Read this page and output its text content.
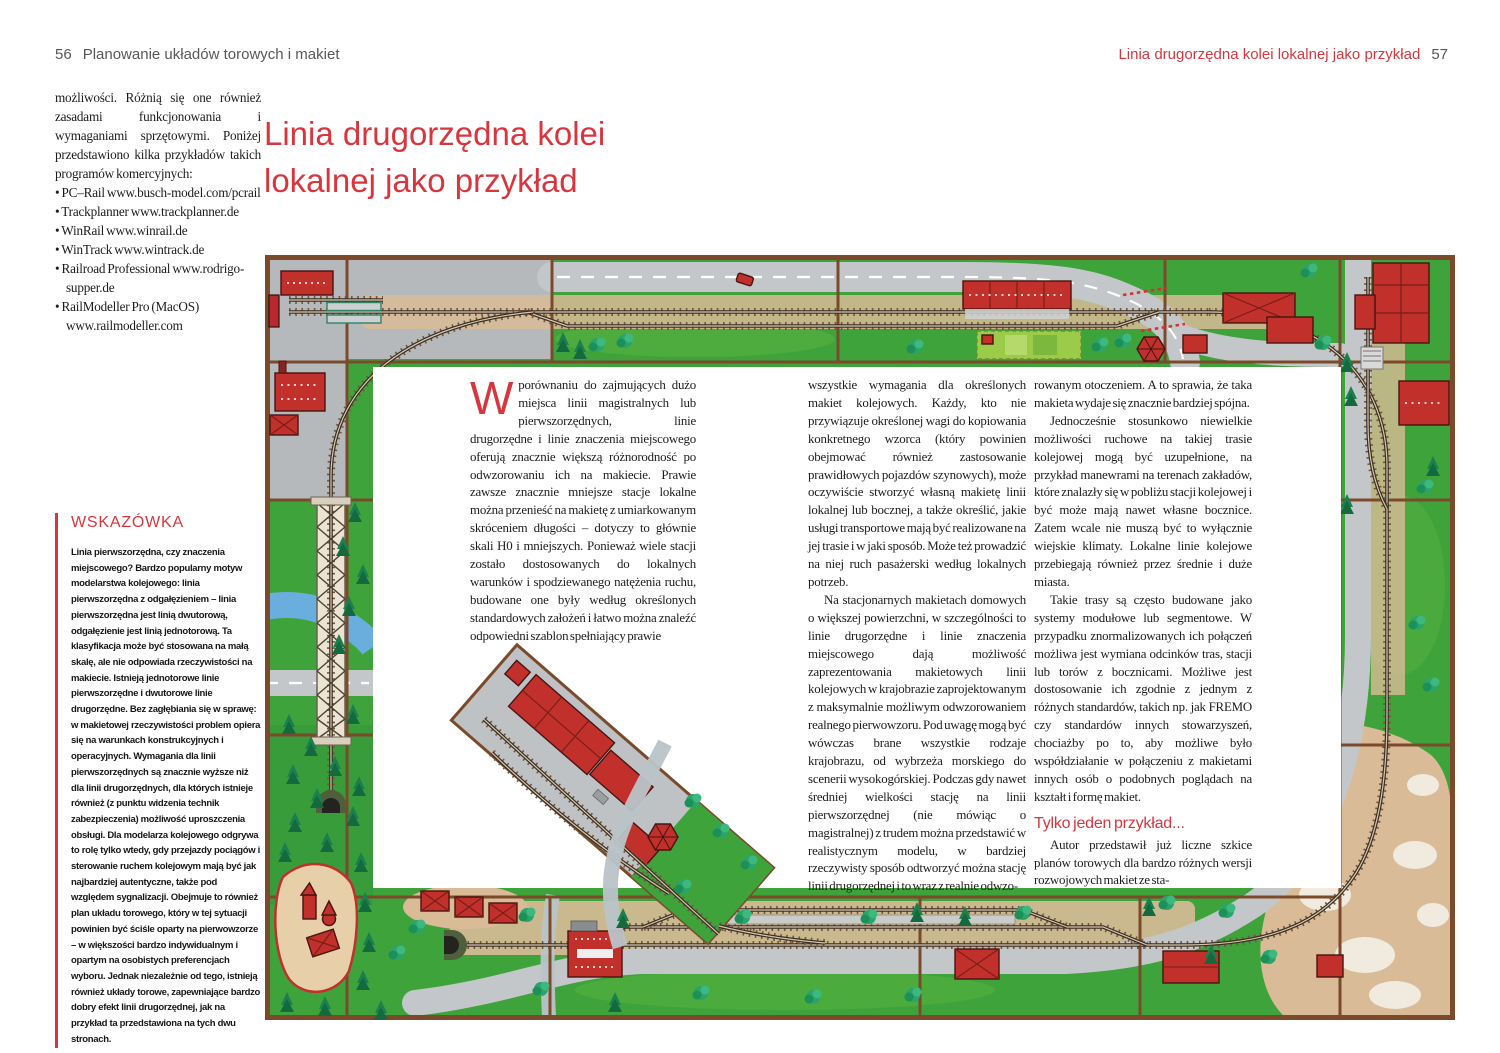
56 Planowanie układów torowych i makiet	Linia drugorzędna kolei lokalnej jako przykład 57

możliwości. Różnią się one również zasadami funkcjonowania i wymaganiami sprzętowymi. Poniżej przedstawiono kilka przykładów takich programów komercyjnych:

• PC–Rail www.busch-model.com/pcrail
• Trackplanner www.trackplanner.de
• WinRail www.winrail.de
• WinTrack www.wintrack.de
• Railroad Professional www.rodrigo-supper.de
• RailModeller Pro (MacOS) www.railmodeller.com
Linia drugorzędna kolei lokalnej jako przykład

Wporównaniu do zajmujących dużo miejsca linii magistralnych lub pierwszorzędnych, linie drugorzędne i linie znaczenia miejscowego oferują znacznie większą różnorodność po odwzorowaniu ich na makiecie. Prawie zawsze znacznie mniejsze stacje lokalne można przenieść na makietę z umiarkowanym skróceniem długości – dotyczy to głównie skali H0 i mniejszych. Ponieważ wiele stacji zostało dostosowanych do lokalnych warunków i spodziewanego natężenia ruchu, budowane one były według określonych standardowych założeń i łatwo można znaleźć odpowiedni szablon spełniający prawie

wszystkie wymagania dla określonych makiet kolejowych. Każdy, kto nie przywiązuje określonej wagi do kopiowania konkretnego wzorca (który powinien obejmować również zastosowanie prawidłowych pojazdów szynowych), może oczywiście stworzyć własną makietę linii lokalnej lub bocznej, a także określić, jakie usługi transportowe mają być realizowane na jej trasie i w jaki sposób. Może też prowadzić na niej ruch pasażerski według lokalnych potrzeb.

Na stacjonarnych makietach domowych o większej powierzchni, w szczególności to linie drugorzędne i linie znaczenia miejscowego dają możliwość zaprezentowania makietowych linii kolejowych w krajobrazie zaprojektowanym z maksymalnie możliwym odwzorowaniem realnego pierwowzoru. Pod uwagę mogą być wówczas brane wszystkie rodzaje krajobrazu, od wybrzeża morskiego do scenerii wysokogórskiej. Podczas gdy nawet średniej wielkości stację na linii pierwszorzędnej (nie mówiąc o magistralnej) z trudem można przedstawić w realistycznym modelu, w bardziej rzeczywisty sposób odtworzyć można stację linii drugorzędnej i to wraz z realnie odwzo-

rowanym otoczeniem. A to sprawia, że taka makieta wydaje się znacznie bardziej spójna.

Jednocześnie stosunkowo niewielkie możliwości ruchowe na takiej trasie kolejowej mogą być uzupełnione, na przykład manewrami na terenach zakładów, które znalazły się w pobliżu stacji kolejowej i być może mają nawet własne bocznice. Zatem wcale nie muszą być to wyłącznie wiejskie klimaty. Lokalne linie kolejowe przebiegają również przez średnie i duże miasta.

Takie trasy są często budowane jako systemy modułowe lub segmentowe. W przypadku znormalizowanych ich połączeń możliwa jest wymiana odcinków tras, stacji lub torów z bocznicami. Możliwe jest dostosowanie ich zgodnie z jednym z różnych standardów, takich np. jak FREMO czy standardów innych stowarzyszeń, chociażby po to, aby możliwe było współdziałanie w połączeniu z makietami innych osób o podobnych poglądach na kształt i formę makiet.

Tylko jeden przykład...

Autor przedstawił już liczne szkice planów torowych dla bardzo różnych wersji rozwojowych makiet ze sta-

WSKAZÓWKA

Linia pierwszorzędna, czy znaczenia miejscowego? Bardzo popularny motyw modelarstwa kolejowego: linia pierwszorzędna z odgałęzieniem – linia pierwszorzędna jest linią dwutorową, odgałęzienie jest linią jednotorową. Ta klasyfikacja może być stosowana na małą skalę, ale nie odpowiada rzeczywistości na makiecie. Istnieją jednotorowe linie pierwszorzędne i dwutorowe linie drugorzędne. Bez zagłębiania się w sprawę: w makietowej rzeczywistości problem opiera się na warunkach konstrukcyjnych i operacyjnych. Wymagania dla linii pierwszorzędnych są znacznie wyższe niż dla linii drugorzędnych, dla których istnieje również (z punktu widzenia technik zabezpieczenia) możliwość uproszczenia obsługi. Dla modelarza kolejowego odgrywa to rolę tylko wtedy, gdy przejazdy pociągów i sterowanie ruchem kolejowym mają być jak najbardziej autentyczne, także pod względem sygnalizacji. Obejmuje to również plan układu torowego, który w tej sytuacji powinien być ściśle oparty na pierwowzorze – w większości bardzo indywidualnym i opartym na osobistych preferencjach wyboru. Jednak niezależnie od tego, istnieją również układy torowe, zapewniające bardzo dobry efekt linii drugorzędnej, jak na przykład ta przedstawiona na tych dwu stronach.
